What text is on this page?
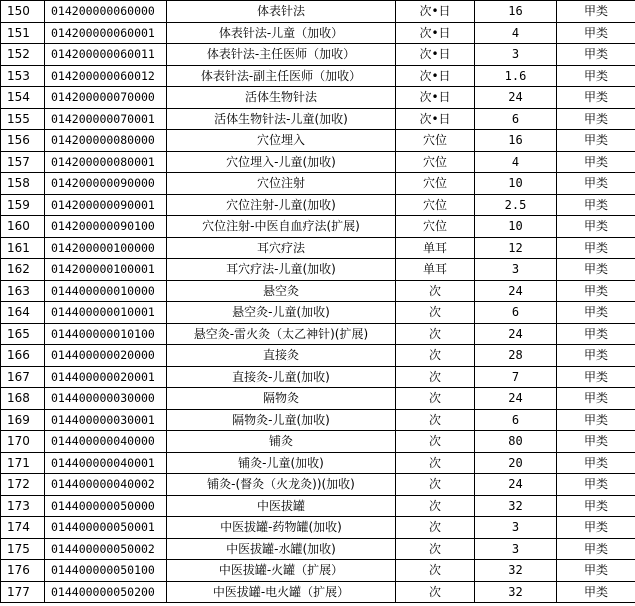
150	014200000060000	体表针法	次•日	16	甲类
151	014200000060001	体表针法-儿童（加收）	次•日	4	甲类
152	014200000060011	体表针法-主任医师（加收）	次•日	3	甲类
153	014200000060012	体表针法-副主任医师（加收）	次•日	1.6	甲类
154	014200000070000	活体生物针法	次•日	24	甲类
155	014200000070001	活体生物针法-儿童(加收)	次•日	6	甲类
156	014200000080000	穴位埋入	穴位	16	甲类
157	014200000080001	穴位埋入-儿童(加收)	穴位	4	甲类
158	014200000090000	穴位注射	穴位	10	甲类
159	014200000090001	穴位注射-儿童(加收)	穴位	2.5	甲类
160	014200000090100	穴位注射-中医自血疗法(扩展)	穴位	10	甲类
161	014200000100000	耳穴疗法	单耳	12	甲类
162	014200000100001	耳穴疗法-儿童(加收)	单耳	3	甲类
163	014400000010000	悬空灸	次	24	甲类
164	014400000010001	悬空灸-儿童(加收)	次	6	甲类
165	014400000010100	悬空灸-雷火灸（太乙神针)(扩展)	次	24	甲类
166	014400000020000	直接灸	次	28	甲类
167	014400000020001	直接灸-儿童(加收)	次	7	甲类
168	014400000030000	隔物灸	次	24	甲类
169	014400000030001	隔物灸-儿童(加收)	次	6	甲类
170	014400000040000	铺灸	次	80	甲类
171	014400000040001	铺灸-儿童(加收)	次	20	甲类
172	014400000040002	铺灸-(督灸（火龙灸))(加收)	次	24	甲类
173	014400000050000	中医拔罐	次	32	甲类
174	014400000050001	中医拔罐-药物罐(加收)	次	3	甲类
175	014400000050002	中医拔罐-水罐(加收)	次	3	甲类
176	014400000050100	中医拔罐-火罐（扩展）	次	32	甲类
177	014400000050200	中医拔罐-电火罐（扩展）	次	32	甲类
